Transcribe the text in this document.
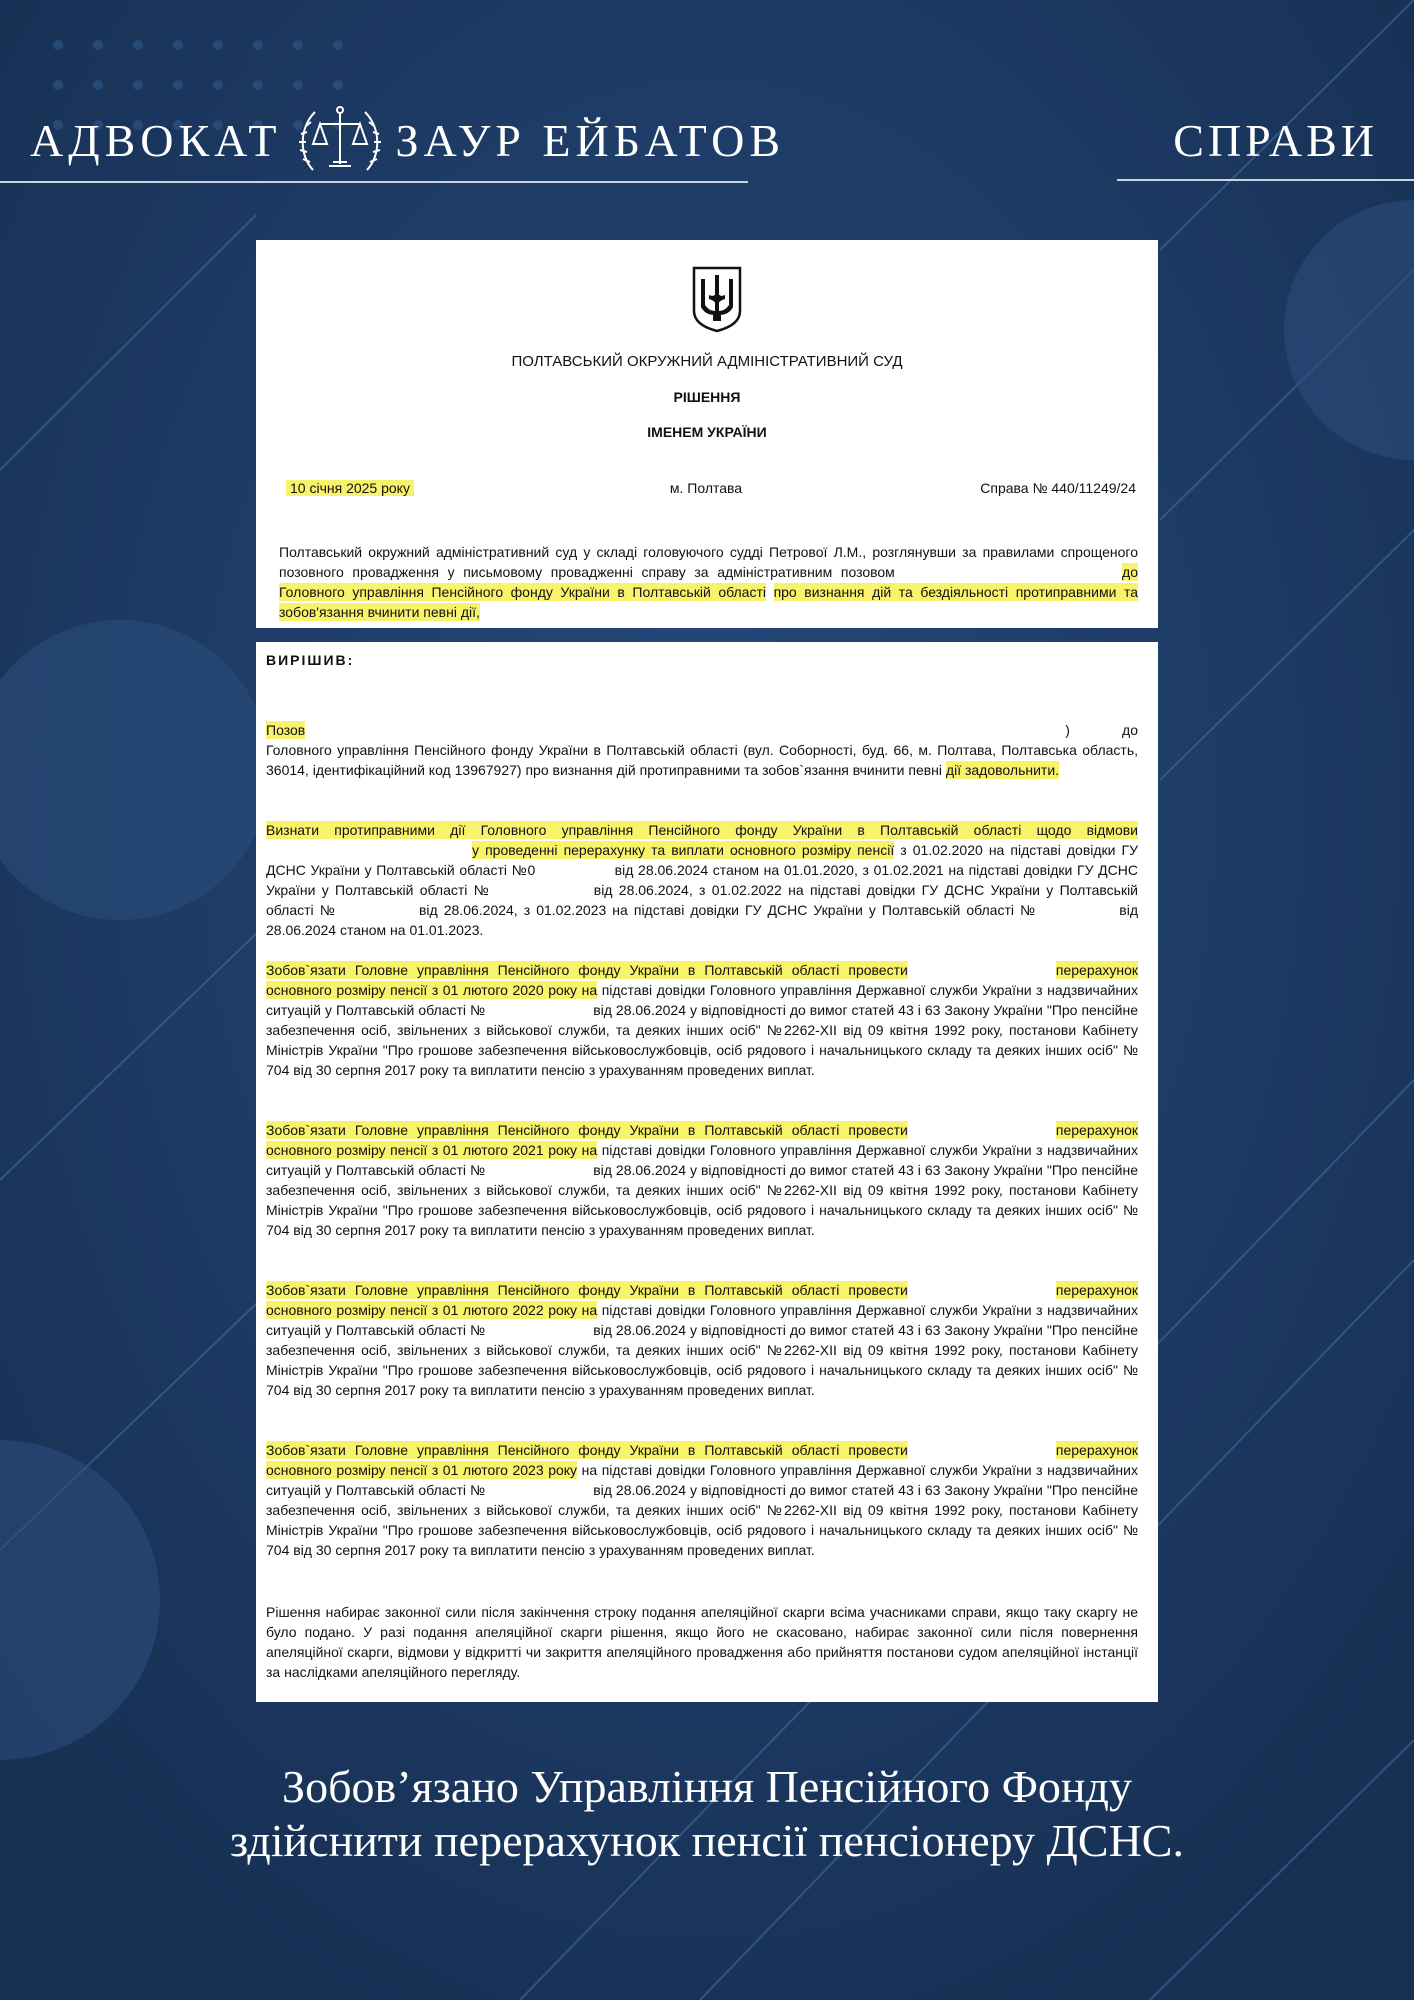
АДВОКАТ ЗАУР ЕЙБАТОВ	СПРАВИ
ПОЛТАВСЬКИЙ ОКРУЖНИЙ АДМІНІСТРАТИВНИЙ СУД
РІШЕННЯ
ІМЕНЕМ УКРАЇНИ
10 січня 2025 року	м. Полтава	Справа № 440/11249/24
Полтавський окружний адміністративний суд у складі головуючого судді Петрової Л.М., розглянувши за правилами спрощеного позовного провадження у письмовому провадженні справу за адміністративним позовом	до Головного управління Пенсійного фонду України в Полтавській області про визнання дій та бездіяльності протиправними та зобов'язання вчинити певні дії,
ВИРІШИВ:
Позов	) до Головного управління Пенсійного фонду України в Полтавській області (вул. Соборності, буд. 66, м. Полтава, Полтавська область, 36014, ідентифікаційний код 13967927) про визнання дій протиправними та зобов`язання вчинити певні дії задовольнити.
Визнати протиправними дії Головного управління Пенсійного фонду України в Полтавській області щодо відмови  у проведенні перерахунку та виплати основного розміру пенсії з 01.02.2020 на підставі довідки ГУ ДСНС України у Полтавській області №0	від 28.06.2024 станом на 01.01.2020, з 01.02.2021 на підставі довідки ГУ ДСНС України у Полтавській області №	від 28.06.2024, з 01.02.2022 на підставі довідки ГУ ДСНС України у Полтавській області №	від 28.06.2024, з 01.02.2023 на підставі довідки ГУ ДСНС України у Полтавській області №	від 28.06.2024 станом на 01.01.2023.
Зобов`язати Головне управління Пенсійного фонду України в Полтавській області провести	перерахунок основного розміру пенсії з 01 лютого 2020 року на підставі довідки Головного управління Державної служби України з надзвичайних ситуацій у Полтавській області №	від 28.06.2024 у відповідності до вимог статей 43 і 63 Закону України "Про пенсійне забезпечення осіб, звільнених з військової служби, та деяких інших осіб" №2262-XII від 09 квітня 1992 року, постанови Кабінету Міністрів України "Про грошове забезпечення військовослужбовців, осіб рядового і начальницького складу та деяких інших осіб" № 704 від 30 серпня 2017 року та виплатити пенсію з урахуванням проведених виплат.
Зобов`язати Головне управління Пенсійного фонду України в Полтавській області провести	перерахунок основного розміру пенсії з 01 лютого 2021 року на підставі довідки Головного управління Державної служби України з надзвичайних ситуацій у Полтавській області №	від 28.06.2024 у відповідності до вимог статей 43 і 63 Закону України "Про пенсійне забезпечення осіб, звільнених з військової служби, та деяких інших осіб" №2262-XII від 09 квітня 1992 року, постанови Кабінету Міністрів України "Про грошове забезпечення військовослужбовців, осіб рядового і начальницького складу та деяких інших осіб" № 704 від 30 серпня 2017 року та виплатити пенсію з урахуванням проведених виплат.
Зобов`язати Головне управління Пенсійного фонду України в Полтавській області провести	перерахунок основного розміру пенсії з 01 лютого 2022 року на підставі довідки Головного управління Державної служби України з надзвичайних ситуацій у Полтавській області №	від 28.06.2024 у відповідності до вимог статей 43 і 63 Закону України "Про пенсійне забезпечення осіб, звільнених з військової служби, та деяких інших осіб" №2262-XII від 09 квітня 1992 року, постанови Кабінету Міністрів України "Про грошове забезпечення військовослужбовців, осіб рядового і начальницького складу та деяких інших осіб" № 704 від 30 серпня 2017 року та виплатити пенсію з урахуванням проведених виплат.
Зобов`язати Головне управління Пенсійного фонду України в Полтавській області провести	перерахунок основного розміру пенсії з 01 лютого 2023 року на підставі довідки Головного управління Державної служби України з надзвичайних ситуацій у Полтавській області №	від 28.06.2024 у відповідності до вимог статей 43 і 63 Закону України "Про пенсійне забезпечення осіб, звільнених з військової служби, та деяких інших осіб" №2262-XII від 09 квітня 1992 року, постанови Кабінету Міністрів України "Про грошове забезпечення військовослужбовців, осіб рядового і начальницького складу та деяких інших осіб" № 704 від 30 серпня 2017 року та виплатити пенсію з урахуванням проведених виплат.
Рішення набирає законної сили після закінчення строку подання апеляційної скарги всіма учасниками справи, якщо таку скаргу не було подано. У разі подання апеляційної скарги рішення, якщо його не скасовано, набирає законної сили після повернення апеляційної скарги, відмови у відкритті чи закриття апеляційного провадження або прийняття постанови судом апеляційної інстанції за наслідками апеляційного перегляду.
Зобов’язано Управління Пенсійного Фонду
здійснити перерахунок пенсії пенсіонеру ДСНС.
